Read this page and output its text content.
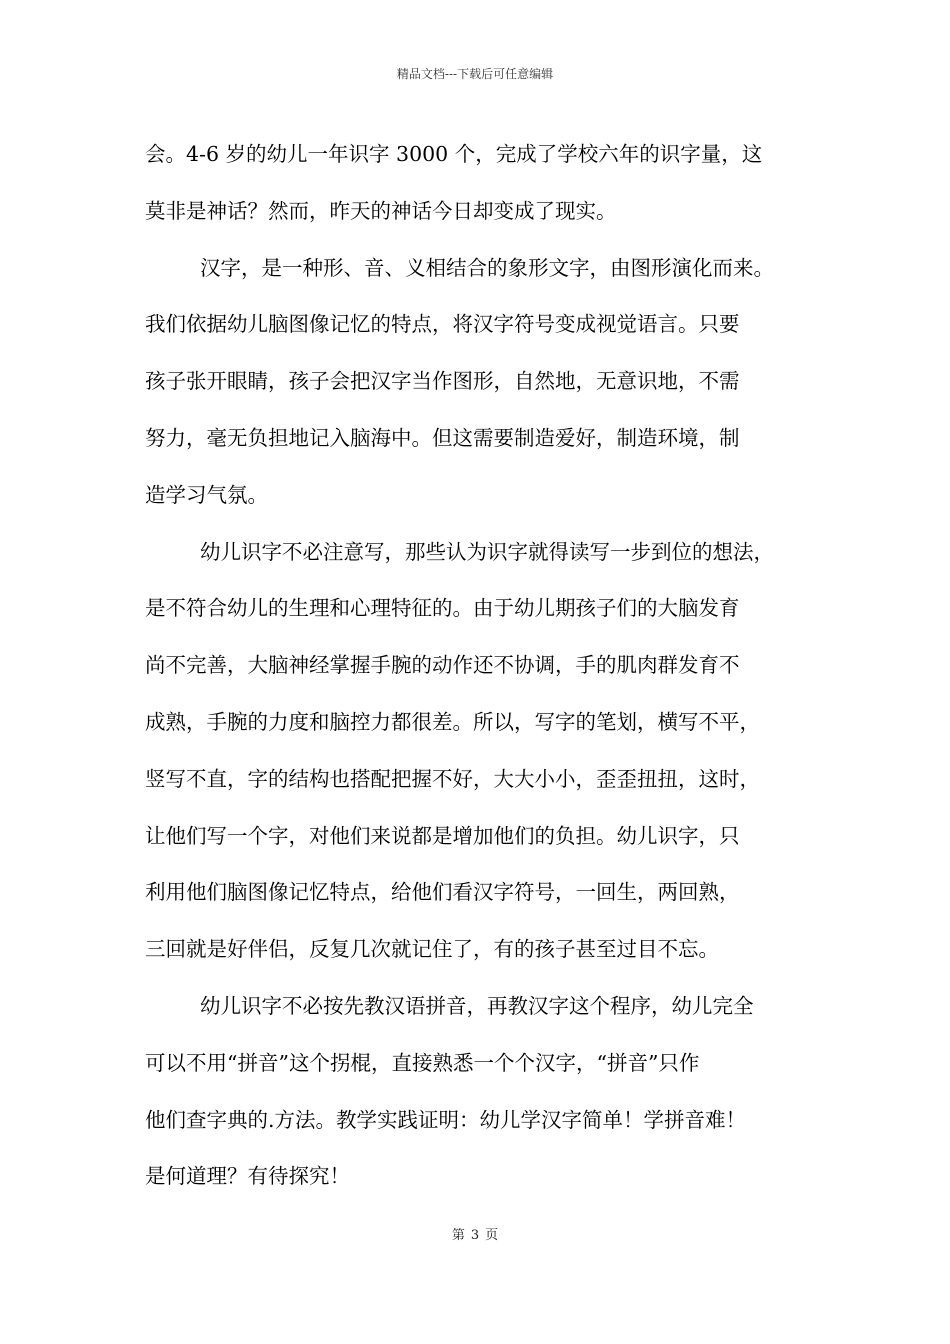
精品文档---下载后可任意编辑
会。4-6 岁的幼儿一年识字 3000 个，完成了学校六年的识字量，这
莫非是神话？然而，昨天的神话今日却变成了现实。
汉字，是一种形、音、义相结合的象形文字，由图形演化而来。
我们依据幼儿脑图像记忆的特点，将汉字符号变成视觉语言。只要
孩子张开眼睛，孩子会把汉字当作图形，自然地，无意识地，不需
努力，毫无负担地记入脑海中。但这需要制造爱好，制造环境，制
造学习气氛。
幼儿识字不必注意写，那些认为识字就得读写一步到位的想法，
是不符合幼儿的生理和心理特征的。由于幼儿期孩子们的大脑发育
尚不完善，大脑神经掌握手腕的动作还不协调，手的肌肉群发育不
成熟，手腕的力度和脑控力都很差。所以，写字的笔划，横写不平，
竖写不直，字的结构也搭配把握不好，大大小小，歪歪扭扭，这时，
让他们写一个字，对他们来说都是增加他们的负担。幼儿识字，只
利用他们脑图像记忆特点，给他们看汉字符号，一回生，两回熟，
三回就是好伴侣，反复几次就记住了，有的孩子甚至过目不忘。
幼儿识字不必按先教汉语拼音，再教汉字这个程序，幼儿完全
可以不用“拼音”这个拐棍，直接熟悉一个个汉字，“拼音”只作
他们查字典的.方法。教学实践证明：幼儿学汉字简单！学拼音难！
是何道理？有待探究！
第 3 页
